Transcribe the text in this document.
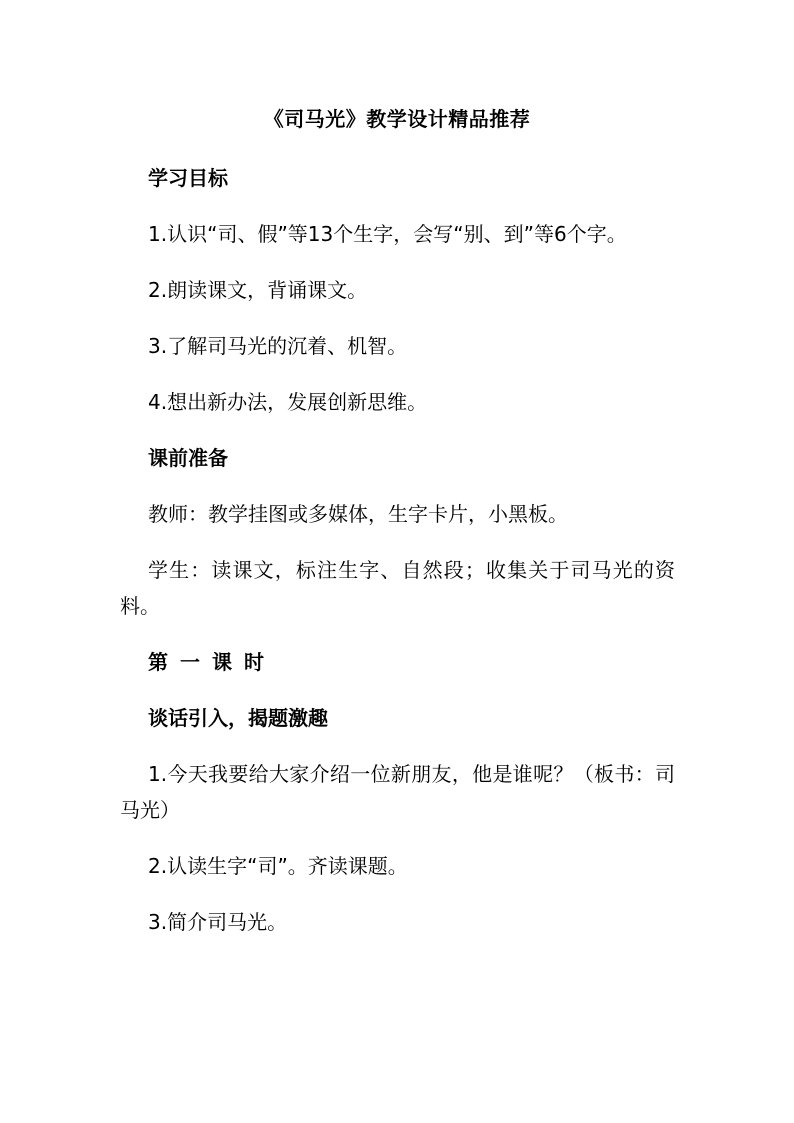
《司马光》教学设计精品推荐

学习目标

1.认识“司、假”等13个生字，会写“别、到”等6个字。

2.朗读课文，背诵课文。

3.了解司马光的沉着、机智。

4.想出新办法，发展创新思维。

课前准备

教师：教学挂图或多媒体，生字卡片，小黑板。

学生：读课文，标注生字、自然段；收集关于司马光的资料。

第一课时

谈话引入，揭题激趣

1.今天我要给大家介绍一位新朋友，他是谁呢？（板书：司马光）

2.认读生字“司”。齐读课题。

3.简介司马光。
